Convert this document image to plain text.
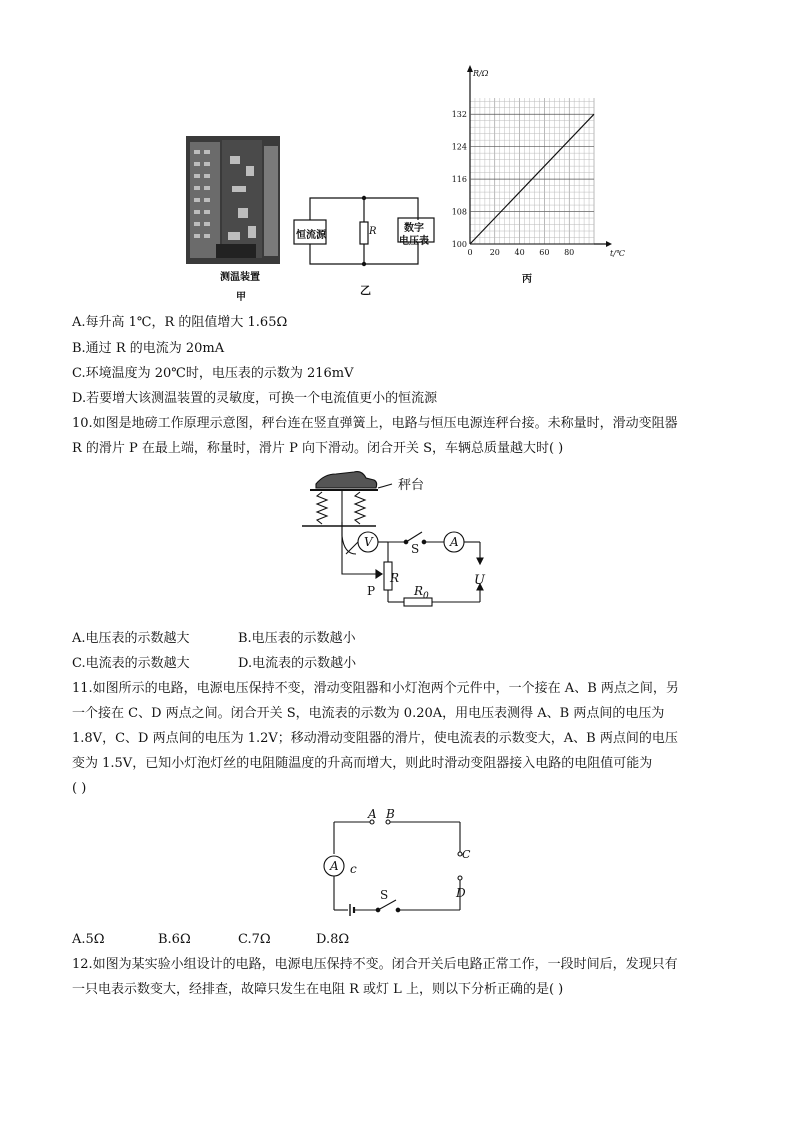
测温装置
甲
恒流源	R	数字
电压表
乙
100
108
116
124
132
0 20 40 60 80
R/Ω
t/℃
丙
A.每升高 1℃，R 的阻值增大 1.65Ω
B.通过 R 的电流为 20mA
C.环境温度为 20℃时，电压表的示数为 216mV
D.若要增大该测温装置的灵敏度，可换一个电流值更小的恒流源
10.如图是地磅工作原理示意图，秤台连在竖直弹簧上，电路与恒压电源连秤台接。未称量时，滑动变阻器
R 的滑片 P 在最上端，称量时，滑片 P 向下滑动。闭合开关 S，车辆总质量越大时( )
秤台
V	A
S
R
P
U
$R_0$
A.电压表的示数越大	B.电压表的示数越小
C.电流表的示数越大	D.电流表的示数越小
11.如图所示的电路，电源电压保持不变，滑动变阻器和小灯泡两个元件中，一个接在 A、B 两点之间，另
一个接在 C、D 两点之间。闭合开关 S，电流表的示数为 0.20A，用电压表测得 A、B 两点间的电压为
1.8V，C、D 两点间的电压为 1.2V；移动滑动变阻器的滑片，使电流表的示数变大，A、B 两点间的电压
变为 1.5V，已知小灯泡灯丝的电阻随温度的升高而增大，则此时滑动变阻器接入电路的电阻值可能为
( )
A
A B
S
c
C
D
A.5Ω	B.6Ω	C.7Ω	D.8Ω
12.如图为某实验小组设计的电路，电源电压保持不变。闭合开关后电路正常工作，一段时间后，发现只有
一只电表示数变大，经排查，故障只发生在电阻 R 或灯 L 上，则以下分析正确的是( )
